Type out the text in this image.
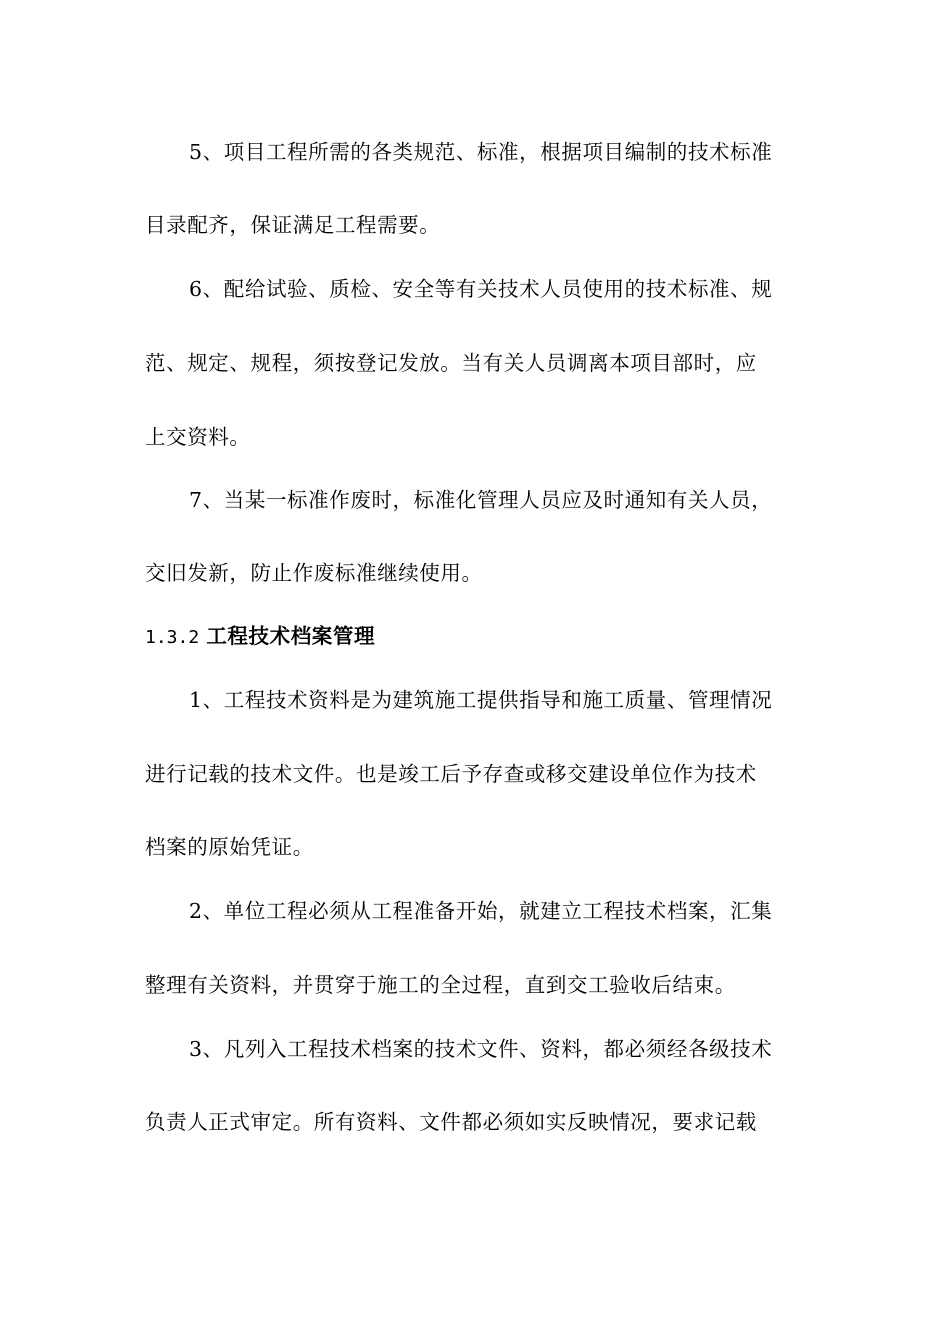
5、项目工程所需的各类规范、标准，根据项目编制的技术标准
目录配齐，保证满足工程需要。
6、配给试验、质检、安全等有关技术人员使用的技术标准、规
范、规定、规程，须按登记发放。当有关人员调离本项目部时，应
上交资料。
7、当某一标准作废时，标准化管理人员应及时通知有关人员，
交旧发新，防止作废标准继续使用。
1.3.2 工程技术档案管理
1、工程技术资料是为建筑施工提供指导和施工质量、管理情况
进行记载的技术文件。也是竣工后予存查或移交建设单位作为技术
档案的原始凭证。
2、单位工程必须从工程准备开始，就建立工程技术档案，汇集
整理有关资料，并贯穿于施工的全过程，直到交工验收后结束。
3、凡列入工程技术档案的技术文件、资料，都必须经各级技术
负责人正式审定。所有资料、文件都必须如实反映情况，要求记载
